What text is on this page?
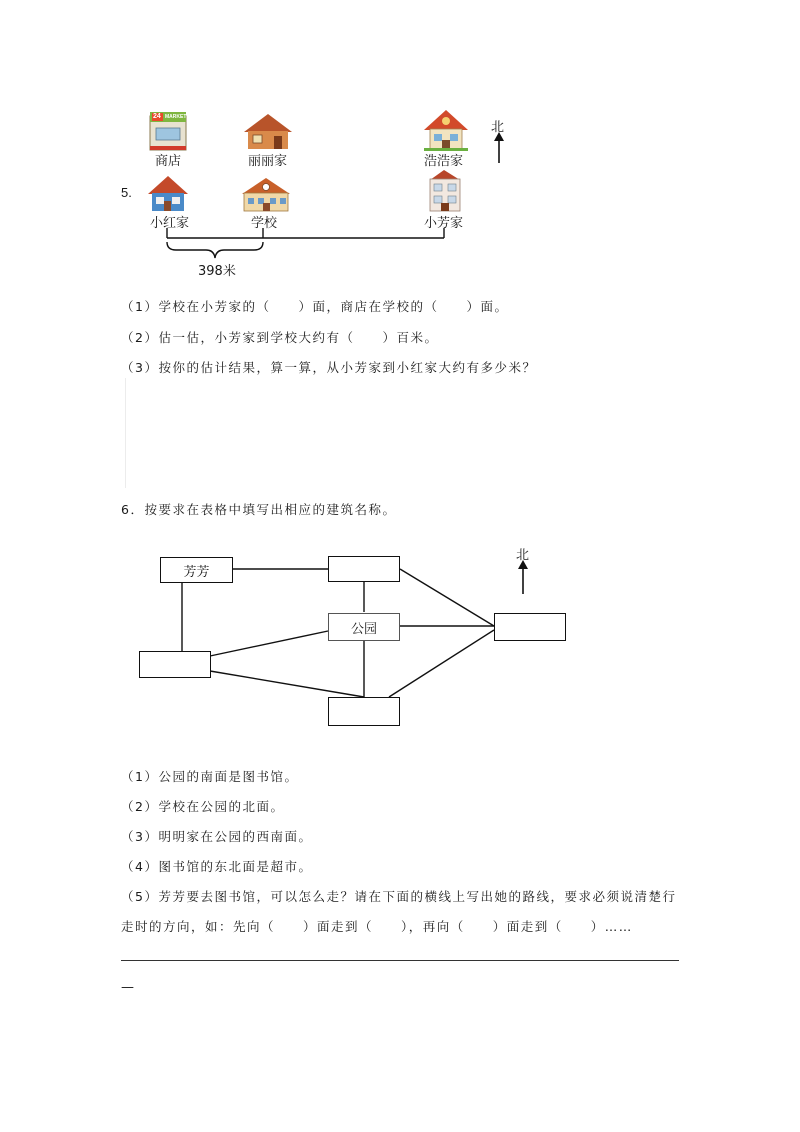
24 MARKET
北
商店	丽丽家	浩浩家
5.
小红家	学校	小芳家
398米
（1）学校在小芳家的（　　）面，商店在学校的（　　）面。
（2）估一估，小芳家到学校大约有（　　）百米。
（3）按你的估计结果，算一算，从小芳家到小红家大约有多少米？
6．按要求在表格中填写出相应的建筑名称。
芳芳
公园
北
（1）公园的南面是图书馆。
（2）学校在公园的北面。
（3）明明家在公园的西南面。
（4）图书馆的东北面是超市。
（5）芳芳要去图书馆，可以怎么走？请在下面的横线上写出她的路线，要求必须说清楚行
走时的方向，如：先向（　　）面走到（　　），再向（　　）面走到（　　）……
—
